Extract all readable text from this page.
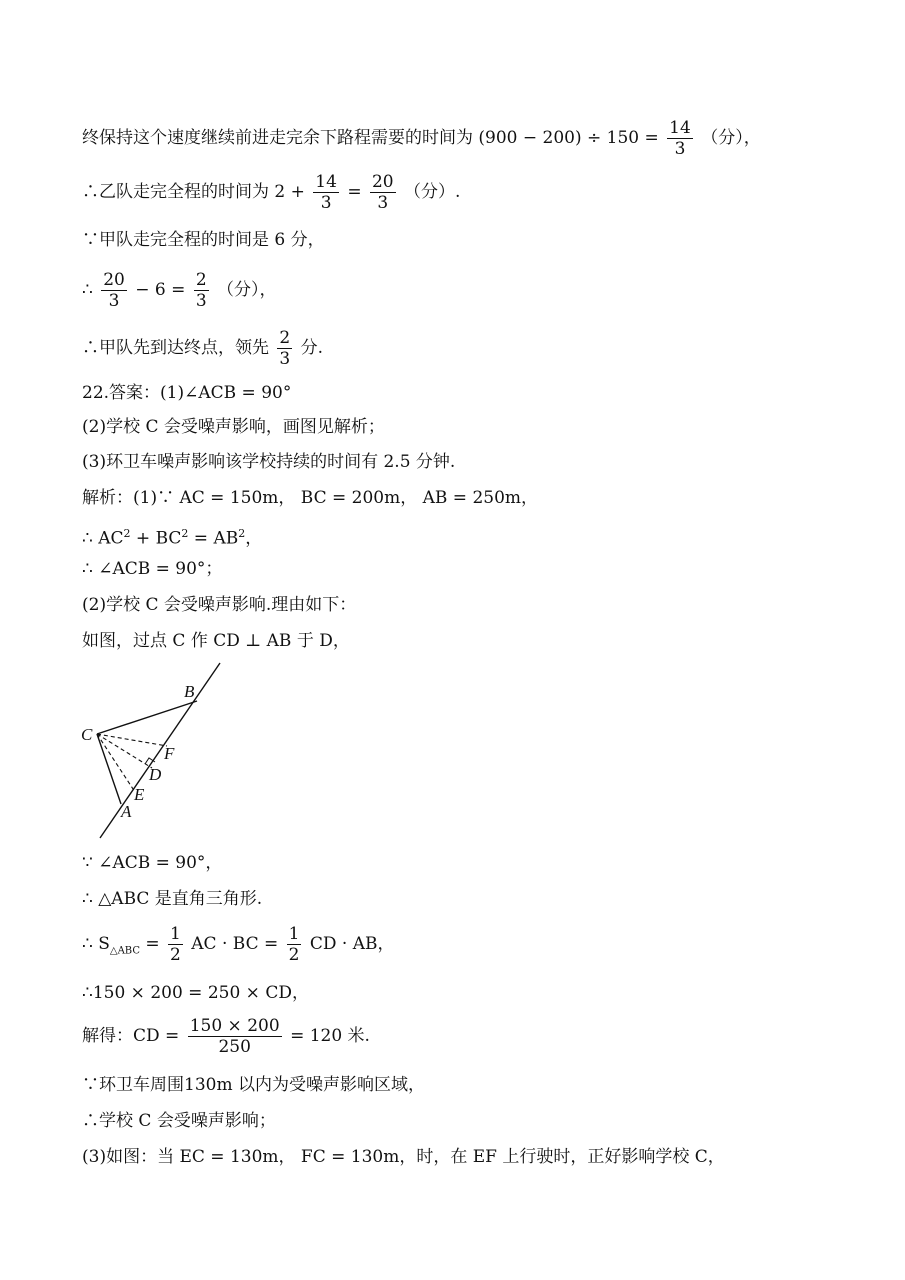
终保持这个速度继续前进走完余下路程需要的时间为 $(900 - 200) \div 150 = \frac{14}{3}$ （分），
∴乙队走完全程的时间为 $2 + \frac{14}{3} = \frac{20}{3}$ （分）.
∵甲队走完全程的时间是 6 分，
∴ $\frac{20}{3} - 6 = \frac{2}{3}$ （分），
∴甲队先到达终点，领先 $\frac{2}{3}$ 分.
22.答案：(1)∠ACB = 90°
(2)学校 C 会受噪声影响，画图见解析；
(3)环卫车噪声影响该学校持续的时间有 2.5 分钟.
解析：(1)∵ AC = 150m， BC = 200m， AB = 250m，
∴ $AC^2 + BC^2 = AB^2$，
∴ ∠ACB = 90°；
(2)学校 C 会受噪声影响.理由如下：
如图，过点 C 作 CD ⊥ AB 于 D，
B
C
F
D
E
A
∵ ∠ACB = 90°，
∴ △ABC 是直角三角形.
∴ $S_{\triangle ABC} = \frac{1}{2}$ AC · BC = $\frac{1}{2}$ CD · AB，
∴150 × 200 = 250 × CD，
解得：CD = $\frac{150 \times 200}{250} = 120$ 米.
∵环卫车周围130m 以内为受噪声影响区域，
∴学校 C 会受噪声影响；
(3)如图：当 EC = 130m， FC = 130m，时，在 EF 上行驶时，正好影响学校 C，
